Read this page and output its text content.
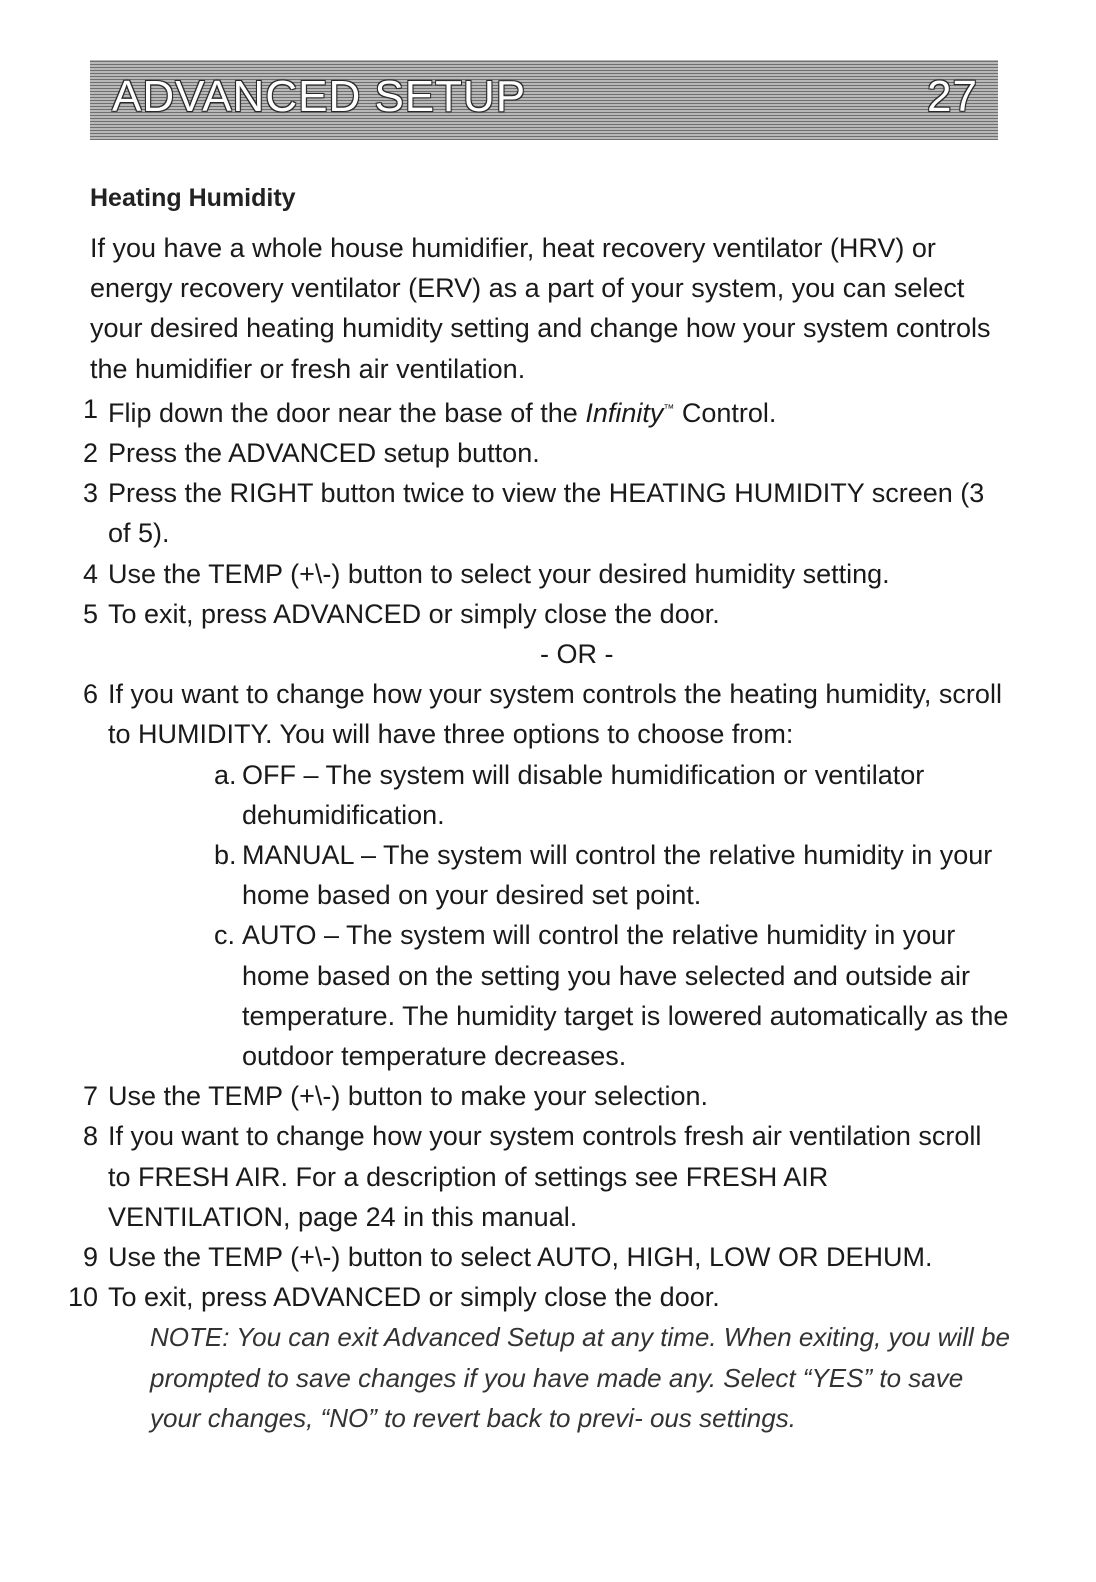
ADVANCED SETUP	27
Heating Humidity

If you have a whole house humidifier, heat recovery ventilator (HRV) or energy recovery ventilator (ERV) as a part of your system, you can select your desired heating humidity setting and change how your system controls the humidifier or fresh air ventilation.

1 Flip down the door near the base of the Infinity™ Control.
2 Press the ADVANCED setup button.
3 Press the RIGHT button twice to view the HEATING HUMIDITY screen (3 of 5).
4 Use the TEMP (+\-) button to select your desired humidity setting.
5 To exit, press ADVANCED or simply close the door.

- OR -

6 If you want to change how your system controls the heating humidity, scroll to HUMIDITY. You will have three options to choose from:
a. OFF – The system will disable humidification or ventilator dehumidification.
b. MANUAL – The system will control the relative humidity in your home based on your desired set point.
c. AUTO – The system will control the relative humidity in your home based on the setting you have selected and outside air temperature. The humidity target is lowered automatically as the outdoor temperature decreases.
7 Use the TEMP (+\-) button to make your selection.
8 If you want to change how your system controls fresh air ventilation scroll to FRESH AIR. For a description of settings see FRESH AIR VENTILATION, page 24 in this manual.
9 Use the TEMP (+\-) button to select AUTO, HIGH, LOW OR DEHUM.
10 To exit, press ADVANCED or simply close the door.

NOTE: You can exit Advanced Setup at any time. When exiting, you will be prompted to save changes if you have made any. Select “YES” to save your changes, “NO” to revert back to previ- ous settings.
